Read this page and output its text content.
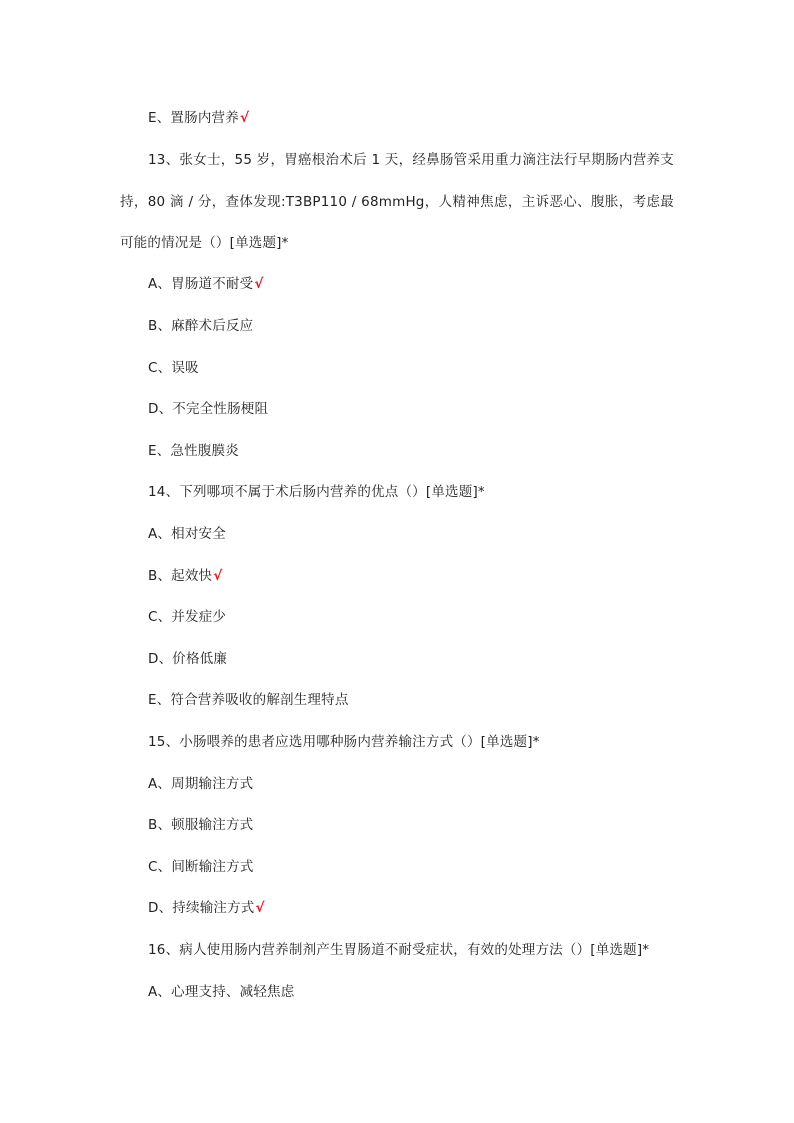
E、置肠内营养√
13、张女士，55 岁，胃癌根治术后 1 天，经鼻肠管采用重力滴注法行早期肠内营养支
持，80 滴 / 分，查体发现:T3BP110 / 68mmHg，人精神焦虑，主诉恶心、腹胀，考虑最
可能的情况是（）[单选题]*
A、胃肠道不耐受√
B、麻醉术后反应
C、误吸
D、不完全性肠梗阻
E、急性腹膜炎
14、下列哪项不属于术后肠内营养的优点（）[单选题]*
A、相对安全
B、起效快√
C、并发症少
D、价格低廉
E、符合营养吸收的解剖生理特点
15、小肠喂养的患者应选用哪种肠内营养输注方式（）[单选题]*
A、周期输注方式
B、顿服输注方式
C、间断输注方式
D、持续输注方式√
16、病人使用肠内营养制剂产生胃肠道不耐受症状，有效的处理方法（）[单选题]*
A、心理支持、减轻焦虑
